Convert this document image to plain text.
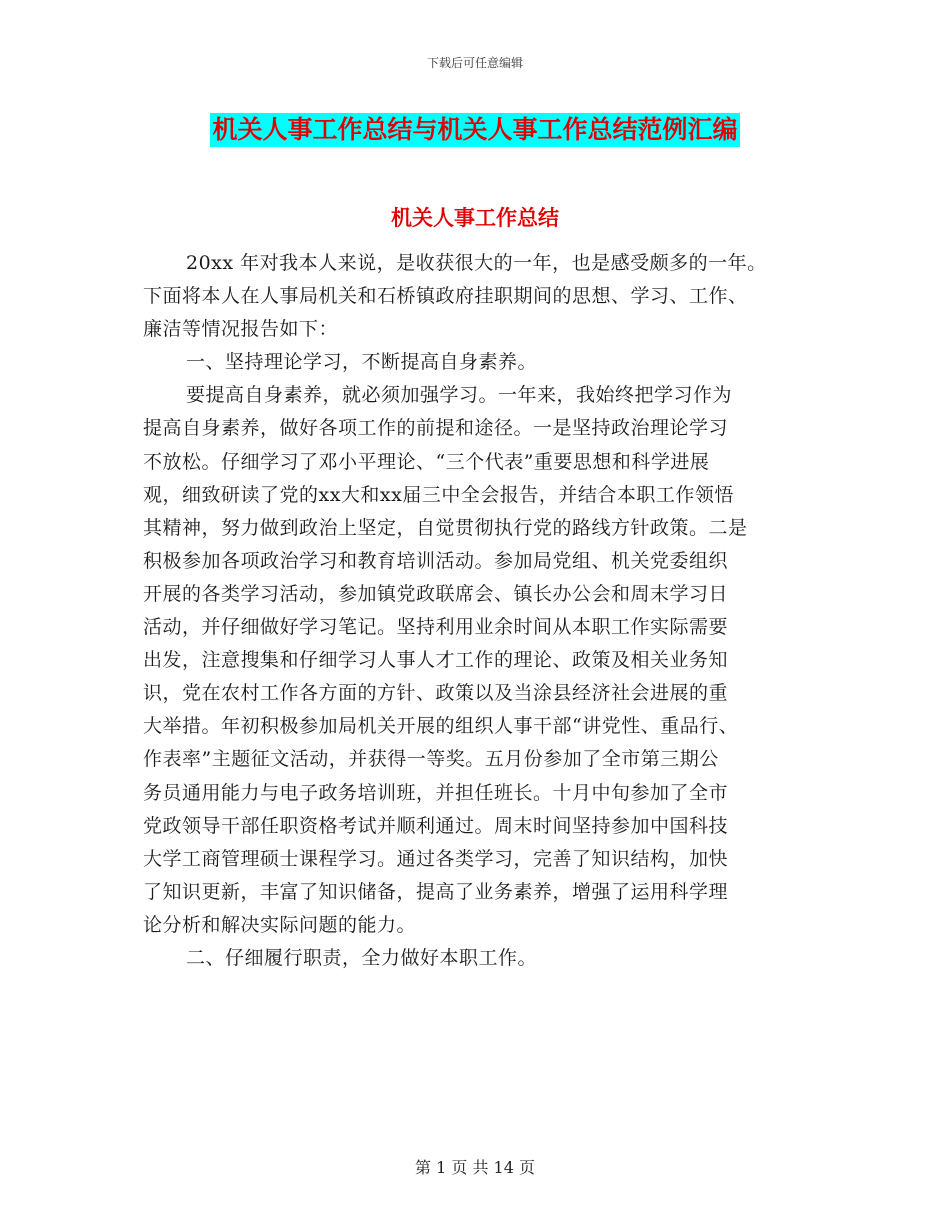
下载后可任意编辑
机关人事工作总结与机关人事工作总结范例汇编
机关人事工作总结
20xx 年对我本人来说，是收获很大的一年，也是感受颇多的一年。
下面将本人在人事局机关和石桥镇政府挂职期间的思想、学习、工作、
廉洁等情况报告如下：
一、坚持理论学习，不断提高自身素养。
要提高自身素养，就必须加强学习。一年来，我始终把学习作为
提高自身素养，做好各项工作的前提和途径。一是坚持政治理论学习
不放松。仔细学习了邓小平理论、“三个代表”重要思想和科学进展
观，细致研读了党的xx大和xx届三中全会报告，并结合本职工作领悟
其精神，努力做到政治上坚定，自觉贯彻执行党的路线方针政策。二是
积极参加各项政治学习和教育培训活动。参加局党组、机关党委组织
开展的各类学习活动，参加镇党政联席会、镇长办公会和周末学习日
活动，并仔细做好学习笔记。坚持利用业余时间从本职工作实际需要
出发，注意搜集和仔细学习人事人才工作的理论、政策及相关业务知
识，党在农村工作各方面的方针、政策以及当涂县经济社会进展的重
大举措。年初积极参加局机关开展的组织人事干部“讲党性、重品行、
作表率”主题征文活动，并获得一等奖。五月份参加了全市第三期公
务员通用能力与电子政务培训班，并担任班长。十月中旬参加了全市
党政领导干部任职资格考试并顺利通过。周末时间坚持参加中国科技
大学工商管理硕士课程学习。通过各类学习，完善了知识结构，加快
了知识更新，丰富了知识储备，提高了业务素养，增强了运用科学理
论分析和解决实际问题的能力。
二、仔细履行职责，全力做好本职工作。
第 1 页 共 14 页
